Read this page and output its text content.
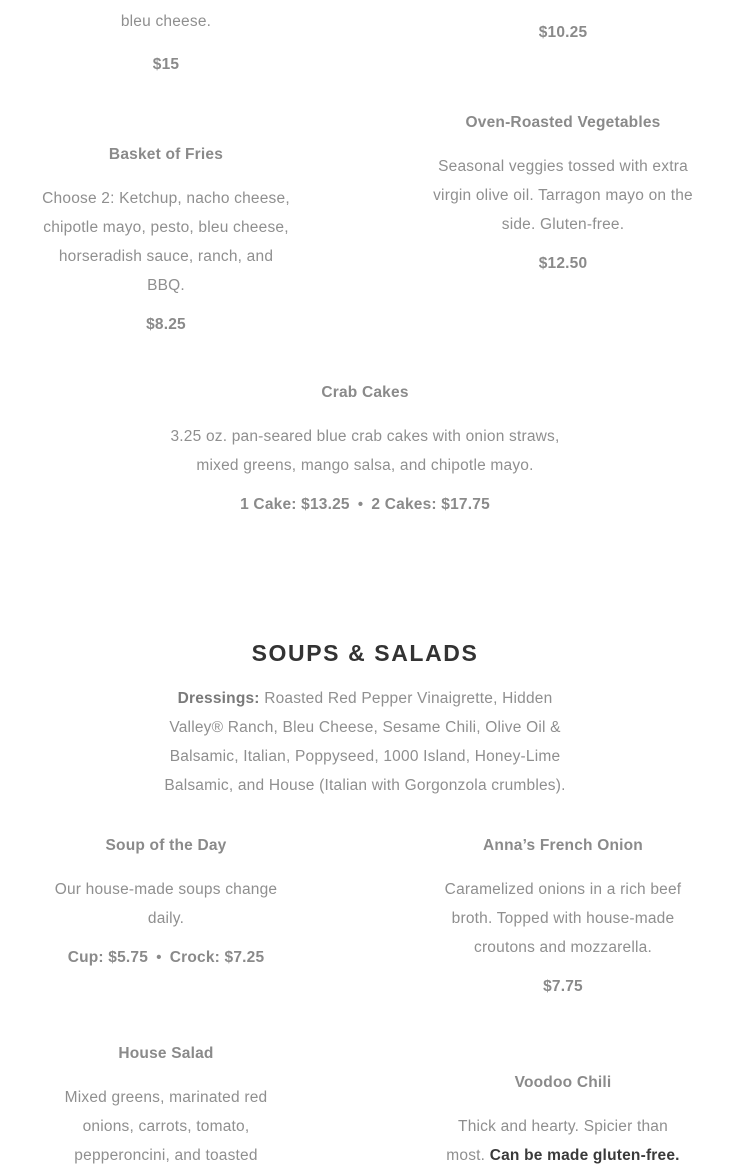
bleu cheese.
$15
$10.25
Basket of Fries
Choose 2: Ketchup, nacho cheese, chipotle mayo, pesto, bleu cheese, horseradish sauce, ranch, and BBQ.
$8.25
Oven-Roasted Vegetables
Seasonal veggies tossed with extra virgin olive oil. Tarragon mayo on the side. Gluten-free.
$12.50
Crab Cakes
3.25 oz. pan-seared blue crab cakes with onion straws, mixed greens, mango salsa, and chipotle mayo.
1 Cake: $13.25 • 2 Cakes: $17.75
SOUPS & SALADS
Dressings: Roasted Red Pepper Vinaigrette, Hidden Valley® Ranch, Bleu Cheese, Sesame Chili, Olive Oil & Balsamic, Italian, Poppyseed, 1000 Island, Honey-Lime Balsamic, and House (Italian with Gorgonzola crumbles).
Soup of the Day
Our house-made soups change daily.
Cup: $5.75 • Crock: $7.25
Anna’s French Onion
Caramelized onions in a rich beef broth. Topped with house-made croutons and mozzarella.
$7.75
House Salad
Mixed greens, marinated red onions, carrots, tomato, pepperoncini, and toasted
Voodoo Chili
Thick and hearty. Spicier than most. Can be made gluten-free.
